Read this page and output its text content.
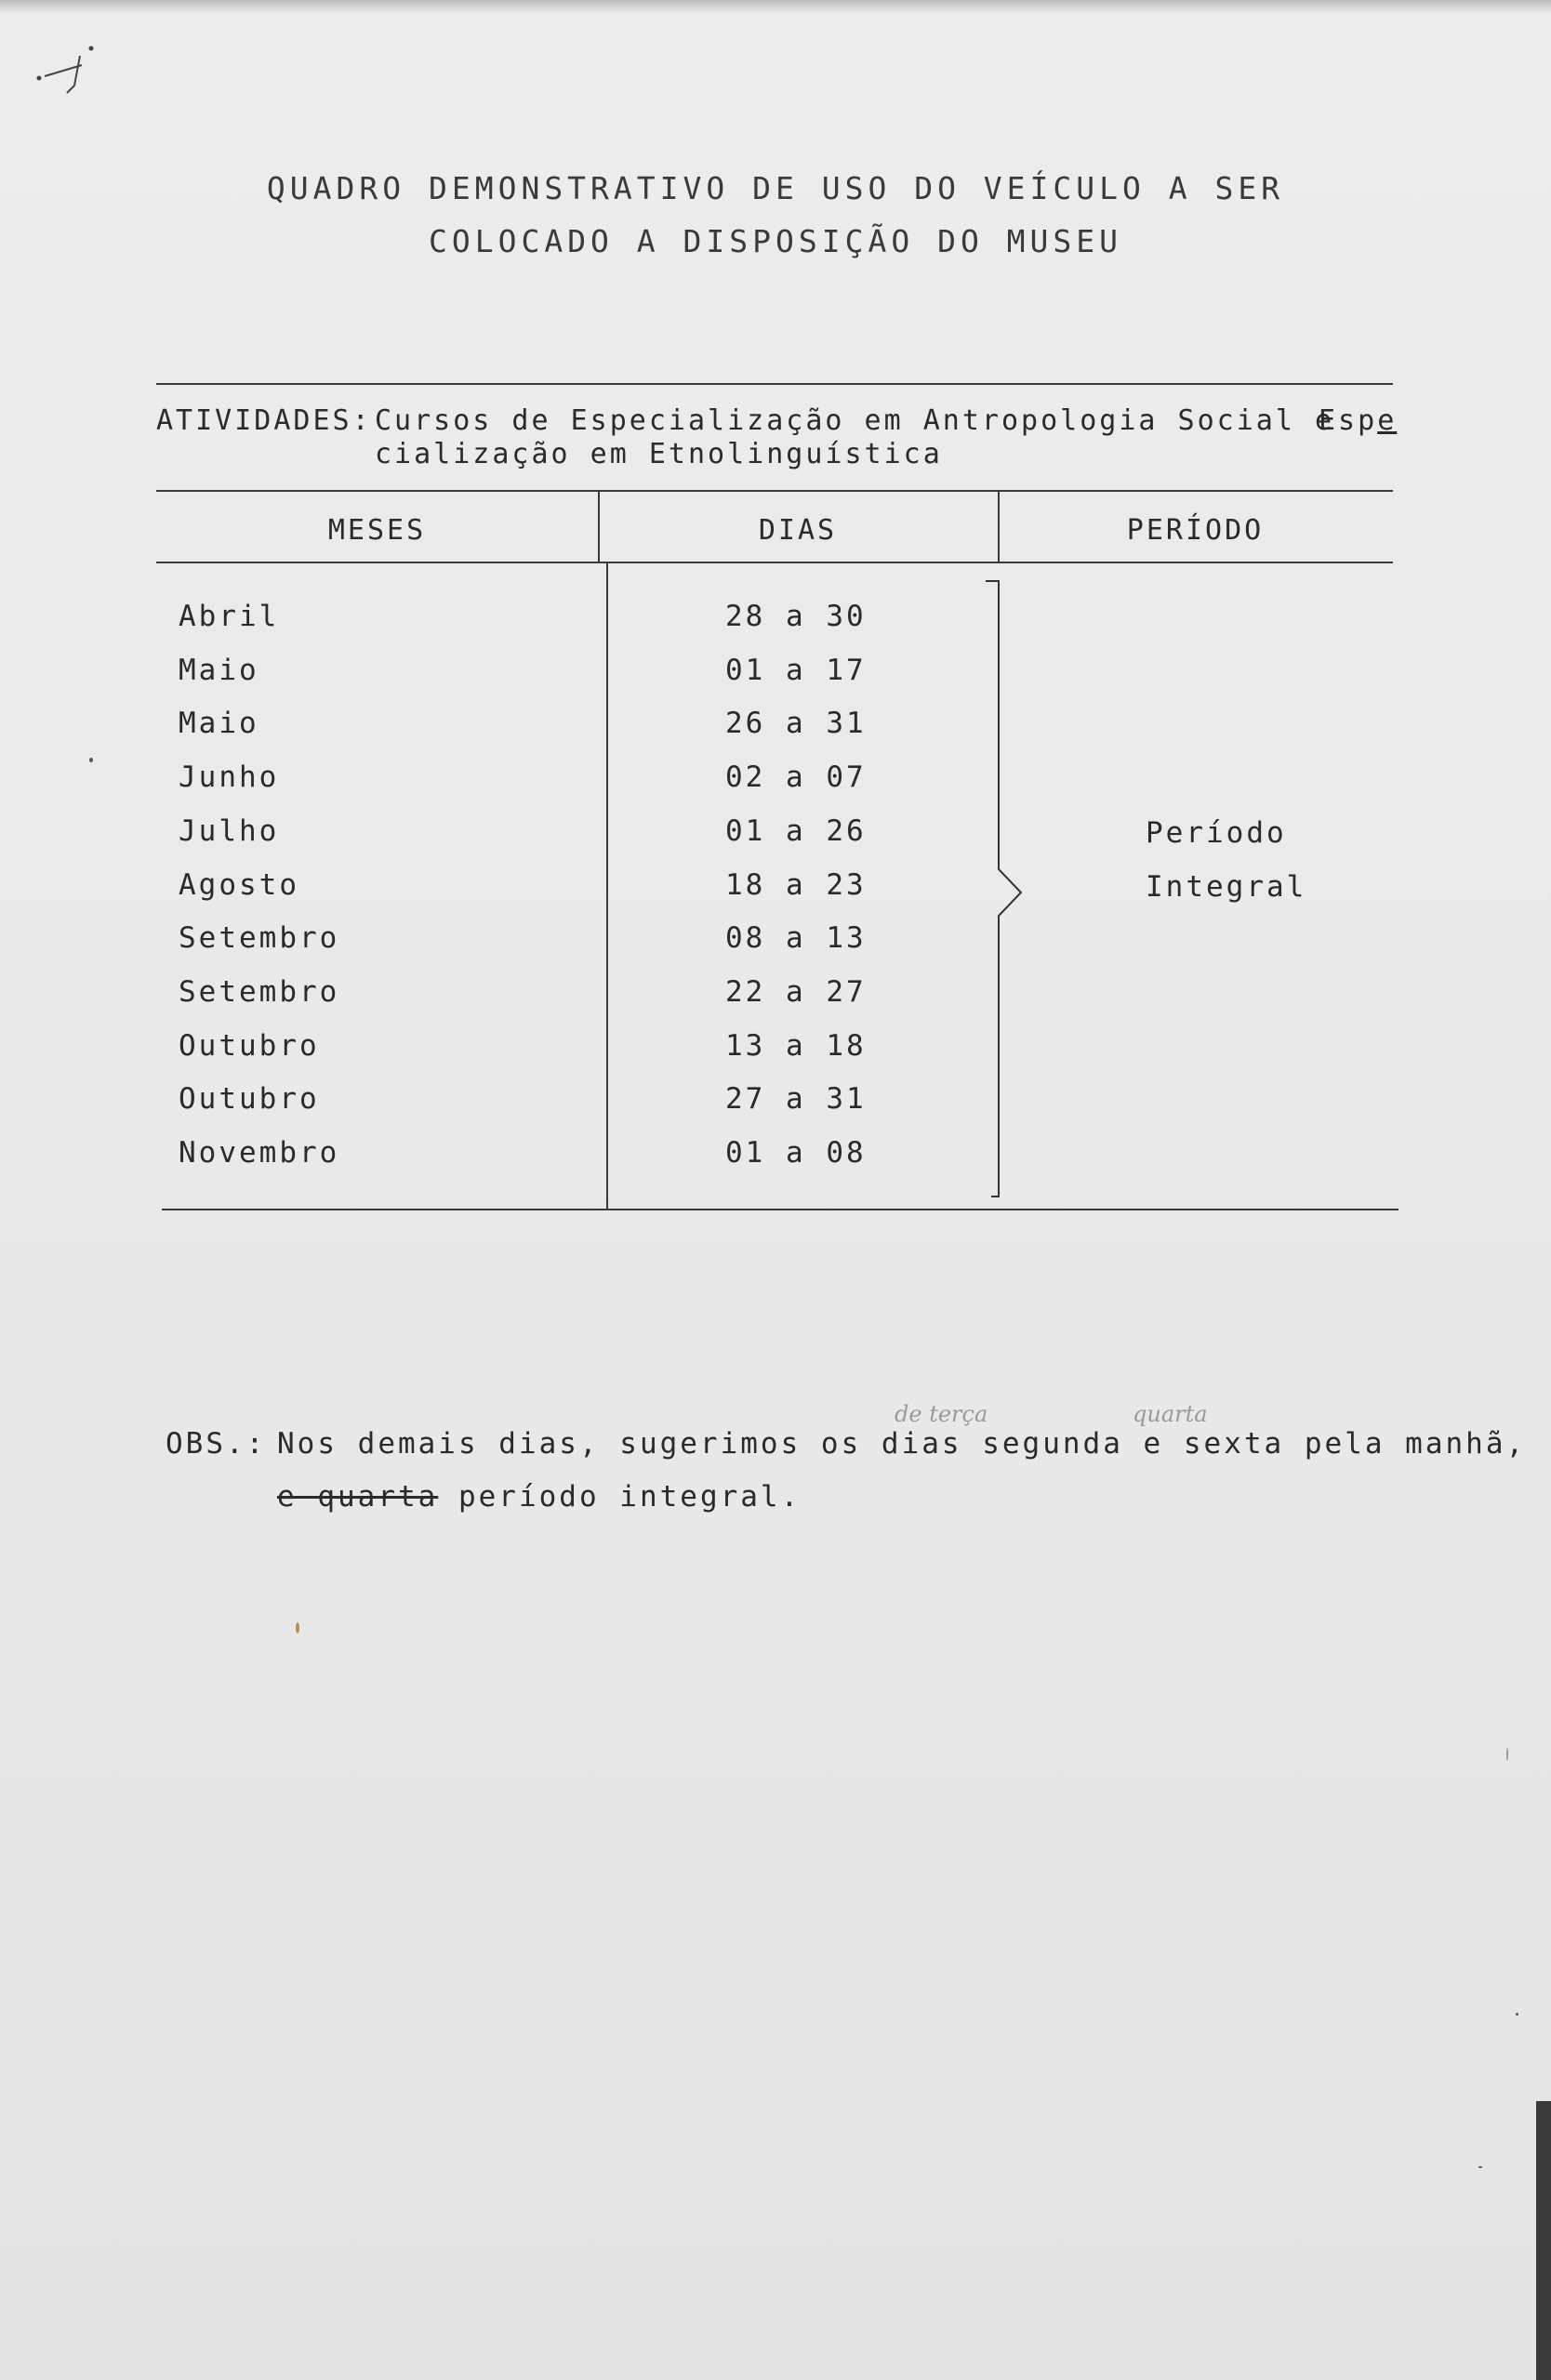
QUADRO DEMONSTRATIVO DE USO DO VEÍCULO A SER
COLOCADO A DISPOSIÇÃO DO MUSEU
ATIVIDADES: Cursos de Especialização em Antropologia Social e
cialização em Etnolinguística
Espe
MESES	DIAS	PERÍODO
Abril	28 a 30
Maio	01 a 17
Maio	26 a 31
Junho	02 a 07
Julho	01 a 26
Agosto	18 a 23
Setembro	08 a 13
Setembro	22 a 27
Outubro	13 a 18
Outubro	27 a 31
Novembro	01 a 08
Período
Integral
OBS.: Nos demais dias, sugerimos os dias segunda e sexta pela manhã,
e quarta período integral.
de terça	quarta
